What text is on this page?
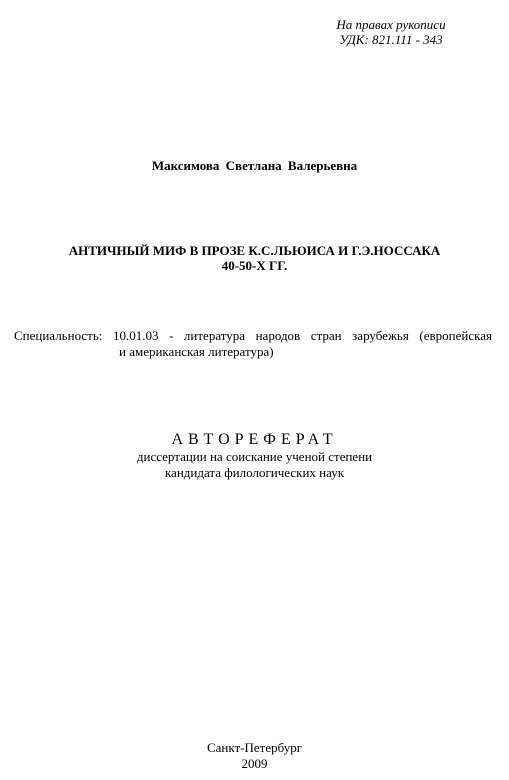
На правах рукописи
УДК: 821.111 - 343
Максимова Светлана Валерьевна
АНТИЧНЫЙ МИФ В ПРОЗЕ К.С.ЛЬЮИСА И Г.Э.НОССАКА
40-50-Х ГГ.
Специальность: 10.01.03 - литература народов стран зарубежья (европейская
и американская литература)
АВТОРЕФЕРАТ
диссертации на соискание ученой степени
кандидата филологических наук
Санкт-Петербург
2009
